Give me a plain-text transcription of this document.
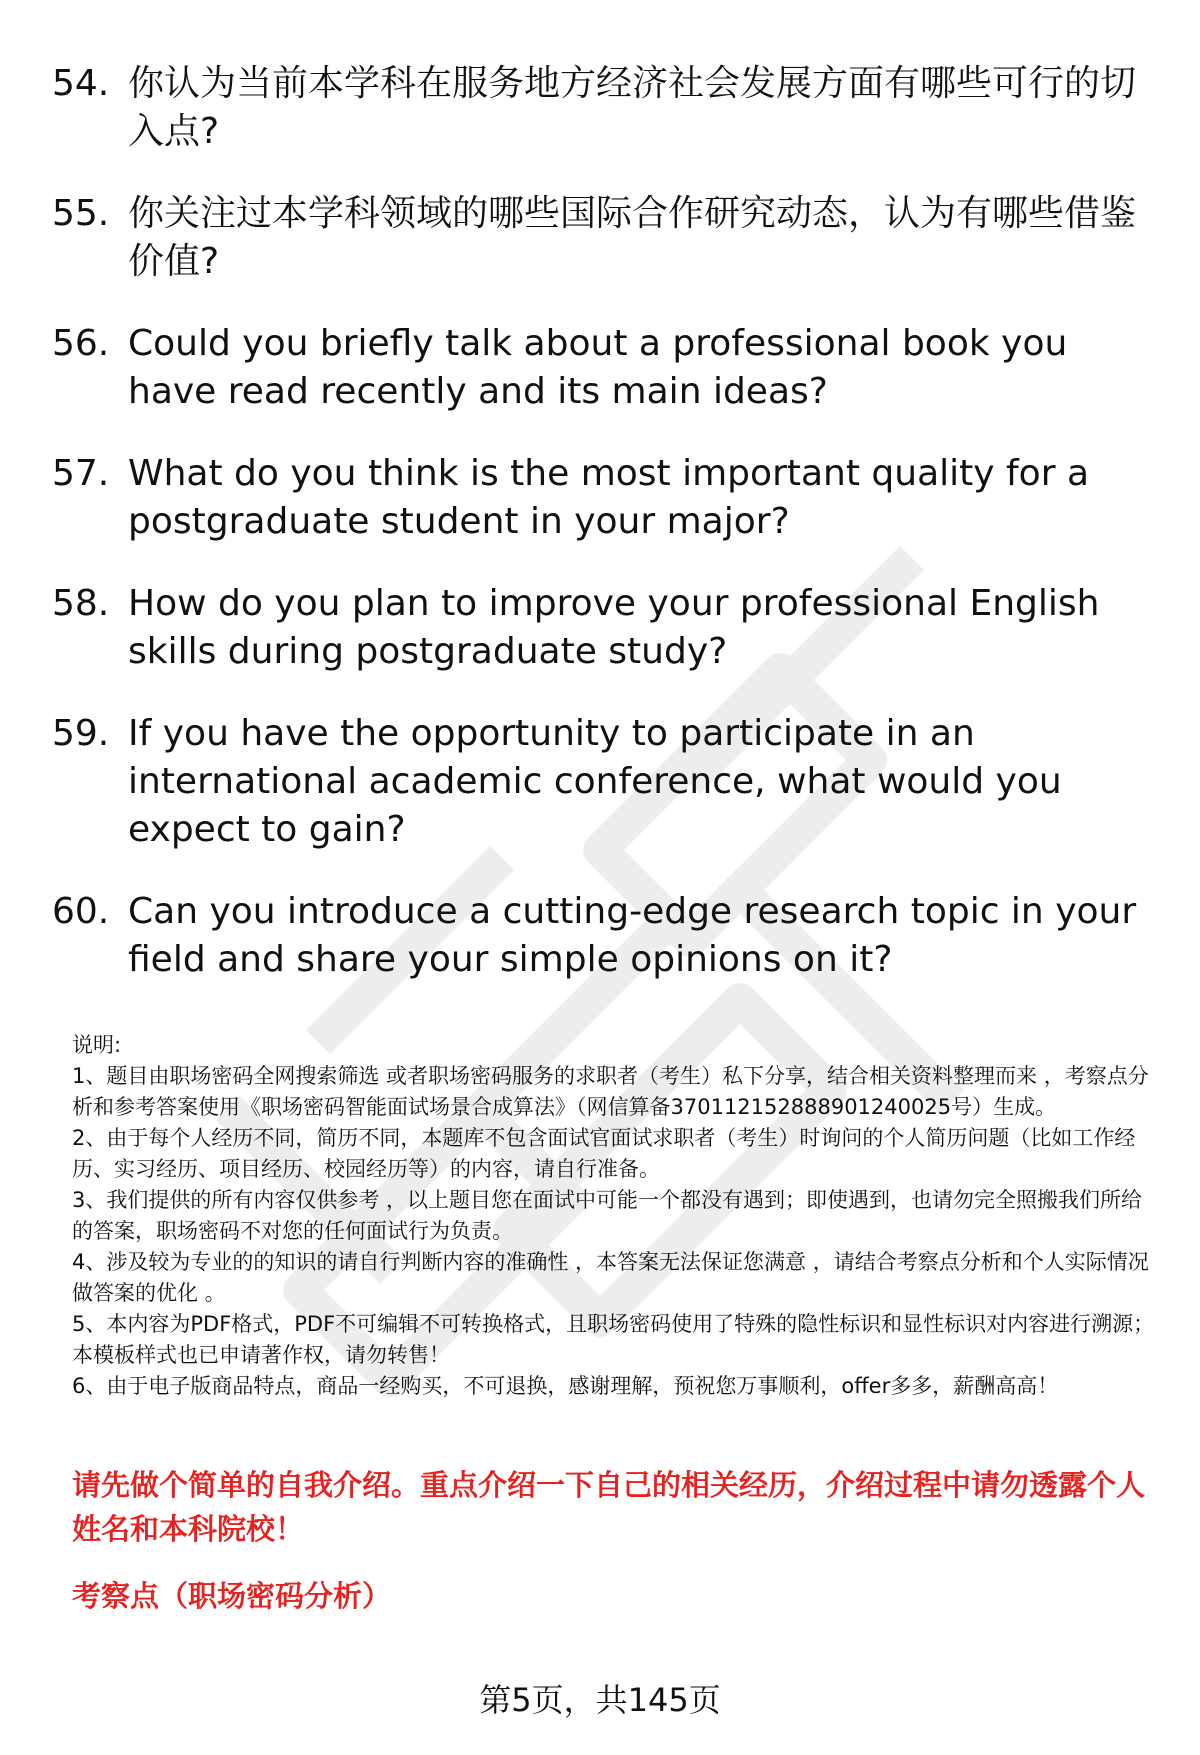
54. 你认为当前本学科在服务地方经济社会发展方面有哪些可行的切入点?
55. 你关注过本学科领域的哪些国际合作研究动态，认为有哪些借鉴价值?
56. Could you briefly talk about a professional book you have read recently and its main ideas?
57. What do you think is the most important quality for a postgraduate student in your major?
58. How do you plan to improve your professional English skills during postgraduate study?
59. If you have the opportunity to participate in an international academic conference, what would you expect to gain?
60. Can you introduce a cutting-edge research topic in your field and share your simple opinions on it?
说明:
1、题目由职场密码全网搜索筛选 或者职场密码服务的求职者（考生）私下分享，结合相关资料整理而来 ，考察点分析和参考答案使用《职场密码智能面试场景合成算法》（网信算备370112152888901240025号）生成。
2、由于每个人经历不同，简历不同，本题库不包含面试官面试求职者（考生）时询问的个人简历问题（比如工作经历、实习经历、项目经历、校园经历等）的内容，请自行准备。
3、我们提供的所有内容仅供参考 ，以上题目您在面试中可能一个都没有遇到；即使遇到，也请勿完全照搬我们所给的答案，职场密码不对您的任何面试行为负责。
4、涉及较为专业的的知识的请自行判断内容的准确性 ，本答案无法保证您满意 ，请结合考察点分析和个人实际情况做答案的优化 。
5、本内容为PDF格式，PDF不可编辑不可转换格式，且职场密码使用了特殊的隐性标识和显性标识对内容进行溯源；本模板样式也已申请著作权，请勿转售！
6、由于电子版商品特点，商品一经购买，不可退换，感谢理解，预祝您万事顺利，offer多多，薪酬高高！
请先做个简单的自我介绍。重点介绍一下自己的相关经历，介绍过程中请勿透露个人姓名和本科院校！
考察点（职场密码分析）
第5页，共145页
